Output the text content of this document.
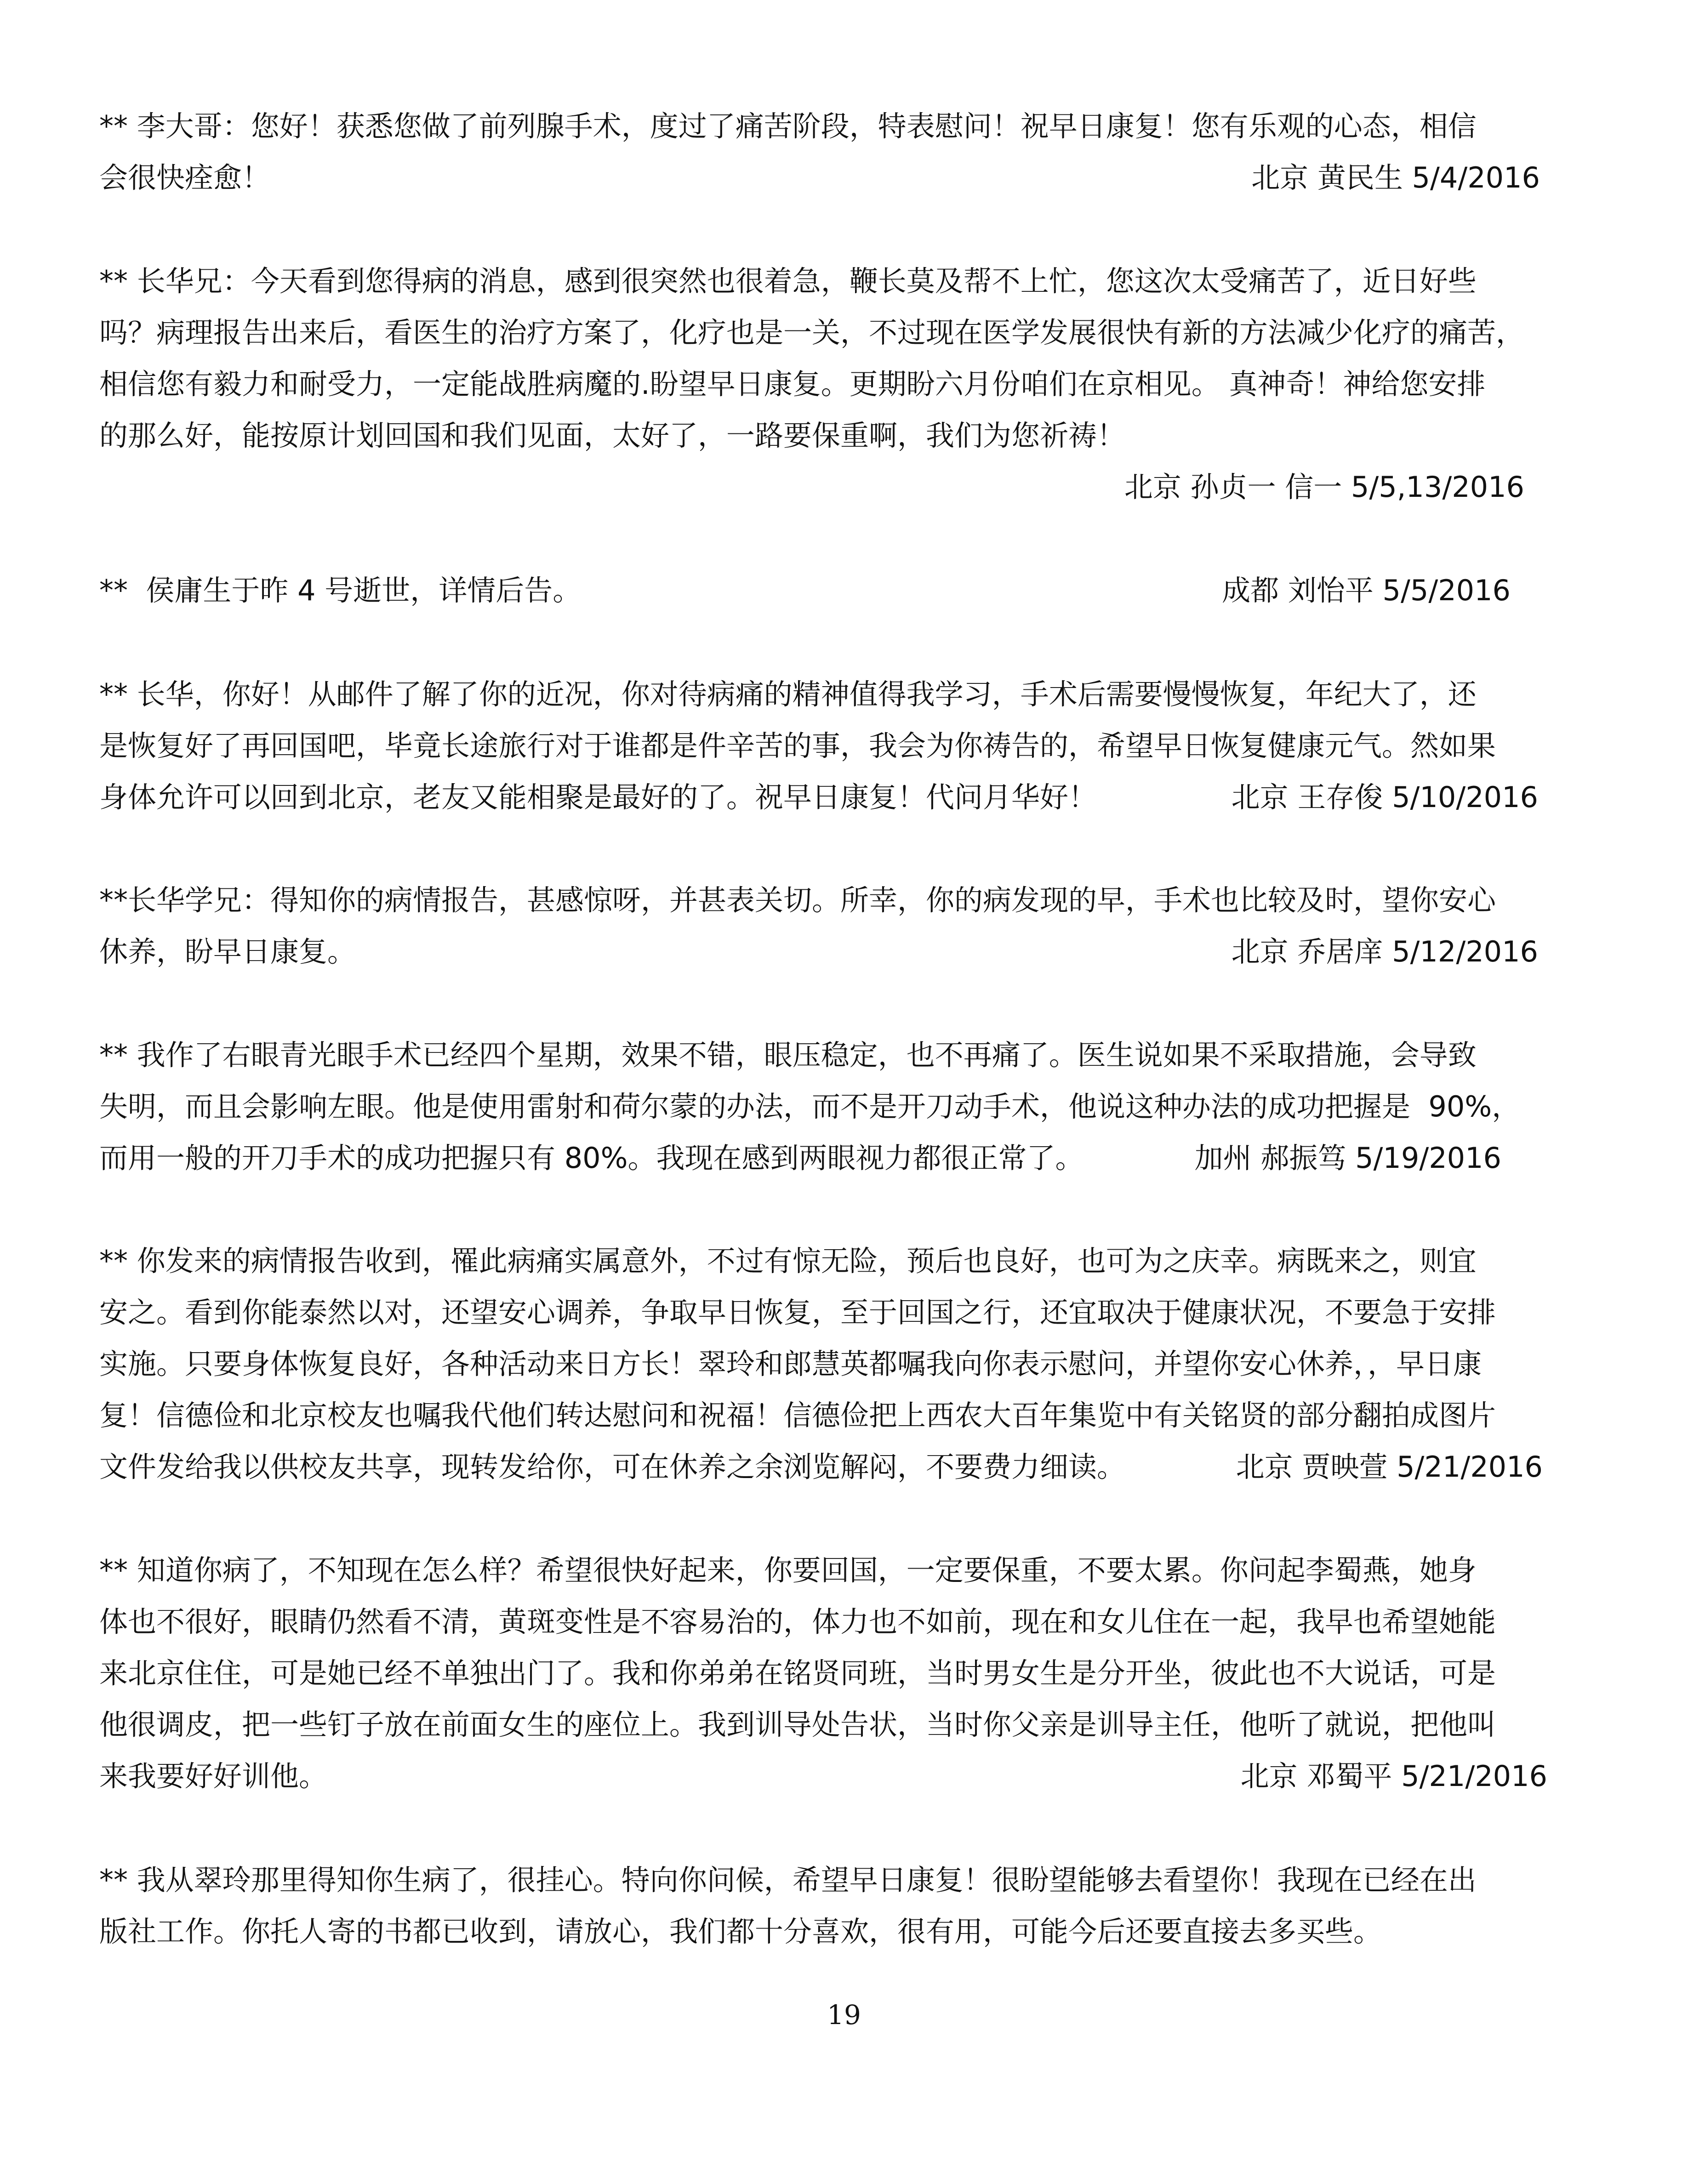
** 李大哥：您好！获悉您做了前列腺手术，度过了痛苦阶段，特表慰问！祝早日康复！您有乐观的心态，相信
会很快痊愈！	北京 黄民生 5/4/2016
** 长华兄：今天看到您得病的消息，感到很突然也很着急，鞭长莫及帮不上忙，您这次太受痛苦了，近日好些
吗？病理报告出来后，看医生的治疗方案了，化疗也是一关，不过现在医学发展很快有新的方法减少化疗的痛苦，
相信您有毅力和耐受力，一定能战胜病魔的.盼望早日康复。更期盼六月份咱们在京相见。 真神奇！神给您安排
的那么好，能按原计划回国和我们见面，太好了，一路要保重啊，我们为您祈祷！
北京 孙贞一 信一 5/5,13/2016
**  侯庸生于昨 4 号逝世，详情后告。	成都 刘怡平 5/5/2016
** 长华，你好！从邮件了解了你的近况，你对待病痛的精神值得我学习，手术后需要慢慢恢复，年纪大了，还
是恢复好了再回国吧，毕竟长途旅行对于谁都是件辛苦的事，我会为你祷告的，希望早日恢复健康元气。然如果
身体允许可以回到北京，老友又能相聚是最好的了。祝早日康复！代问月华好！	北京 王存俊 5/10/2016
**长华学兄：得知你的病情报告，甚感惊呀，并甚表关切。所幸，你的病发现的早，手术也比较及时，望你安心
休养，盼早日康复。	北京 乔居庠 5/12/2016
** 我作了右眼青光眼手术已经四个星期，效果不错，眼压稳定，也不再痛了。医生说如果不采取措施，会导致
失明，而且会影响左眼。他是使用雷射和荷尔蒙的办法，而不是开刀动手术，他说这种办法的成功把握是  90%，
而用一般的开刀手术的成功把握只有 80%。我现在感到两眼视力都很正常了。	加州 郝振笃 5/19/2016
** 你发来的病情报告收到，罹此病痛实属意外，不过有惊无险，预后也良好，也可为之庆幸。病既来之，则宜
安之。看到你能泰然以对，还望安心调养，争取早日恢复，至于回国之行，还宜取决于健康状况，不要急于安排
实施。只要身体恢复良好，各种活动来日方长！翠玲和郎慧英都嘱我向你表示慰问，并望你安心休养，，早日康
复！信德俭和北京校友也嘱我代他们转达慰问和祝福！信德俭把上西农大百年集览中有关铭贤的部分翻拍成图片
文件发给我以供校友共享，现转发给你，可在休养之余浏览解闷，不要费力细读。	北京 贾映萱 5/21/2016
** 知道你病了，不知现在怎么样？希望很快好起来，你要回国，一定要保重，不要太累。你问起李蜀燕，她身
体也不很好，眼睛仍然看不清，黄斑变性是不容易治的，体力也不如前，现在和女儿住在一起，我早也希望她能
来北京住住，可是她已经不单独出门了。我和你弟弟在铭贤同班，当时男女生是分开坐，彼此也不大说话，可是
他很调皮，把一些钉子放在前面女生的座位上。我到训导处告状，当时你父亲是训导主任，他听了就说，把他叫
来我要好好训他。	北京 邓蜀平 5/21/2016
** 我从翠玲那里得知你生病了，很挂心。特向你问候，希望早日康复！很盼望能够去看望你！我现在已经在出
版社工作。你托人寄的书都已收到，请放心，我们都十分喜欢，很有用，可能今后还要直接去多买些。
19
